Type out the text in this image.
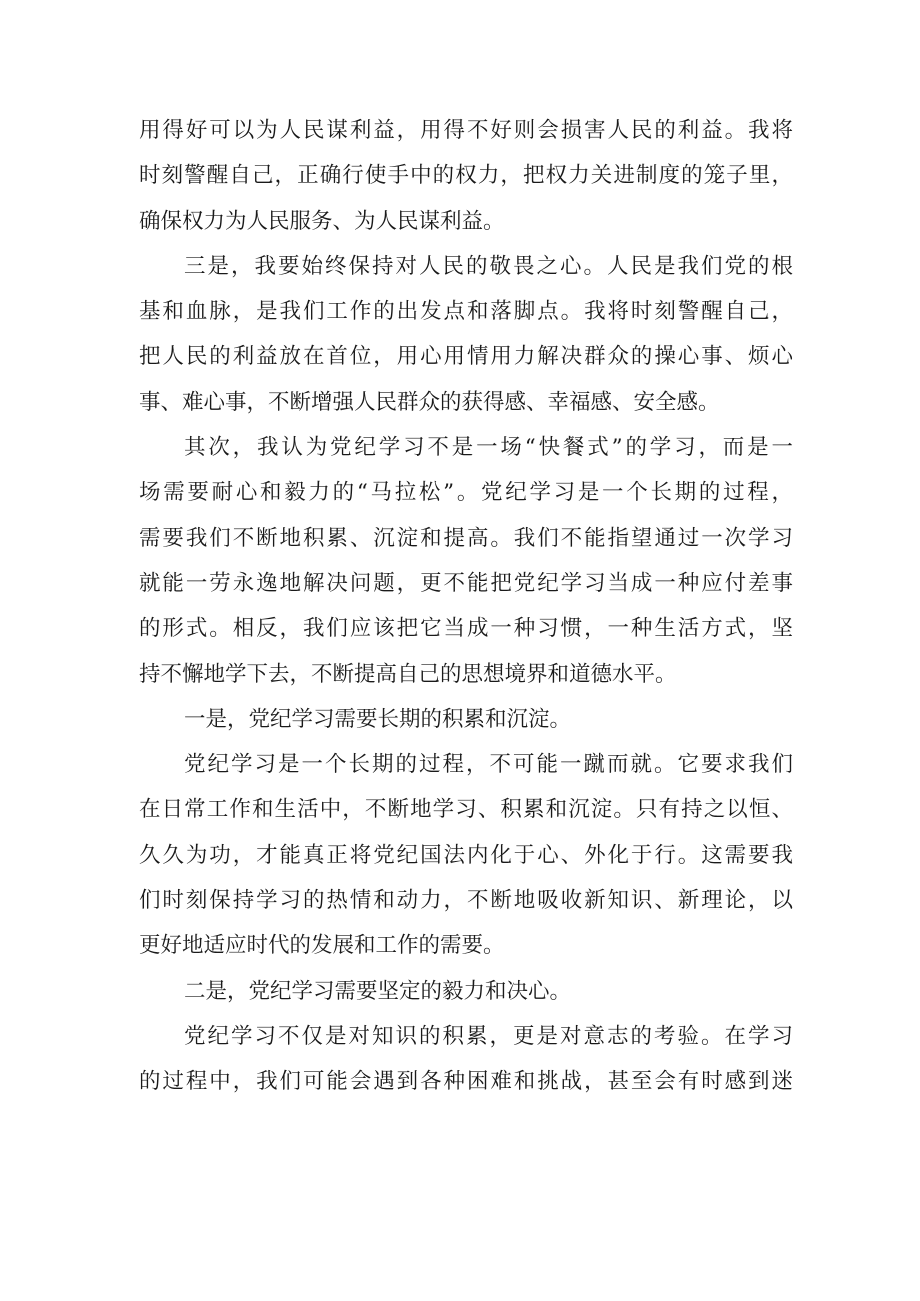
用得好可以为人民谋利益，用得不好则会损害人民的利益。我将
时刻警醒自己，正确行使手中的权力，把权力关进制度的笼子里，
确保权力为人民服务、为人民谋利益。
三是，我要始终保持对人民的敬畏之心。人民是我们党的根
基和血脉，是我们工作的出发点和落脚点。我将时刻警醒自己，
把人民的利益放在首位，用心用情用力解决群众的操心事、烦心
事、难心事，不断增强人民群众的获得感、幸福感、安全感。
其次，我认为党纪学习不是一场“快餐式”的学习，而是一
场需要耐心和毅力的“马拉松”。党纪学习是一个长期的过程，
需要我们不断地积累、沉淀和提高。我们不能指望通过一次学习
就能一劳永逸地解决问题，更不能把党纪学习当成一种应付差事
的形式。相反，我们应该把它当成一种习惯，一种生活方式，坚
持不懈地学下去，不断提高自己的思想境界和道德水平。
一是，党纪学习需要长期的积累和沉淀。
党纪学习是一个长期的过程，不可能一蹴而就。它要求我们
在日常工作和生活中，不断地学习、积累和沉淀。只有持之以恒、
久久为功，才能真正将党纪国法内化于心、外化于行。这需要我
们时刻保持学习的热情和动力，不断地吸收新知识、新理论，以
更好地适应时代的发展和工作的需要。
二是，党纪学习需要坚定的毅力和决心。
党纪学习不仅是对知识的积累，更是对意志的考验。在学习
的过程中，我们可能会遇到各种困难和挑战，甚至会有时感到迷
